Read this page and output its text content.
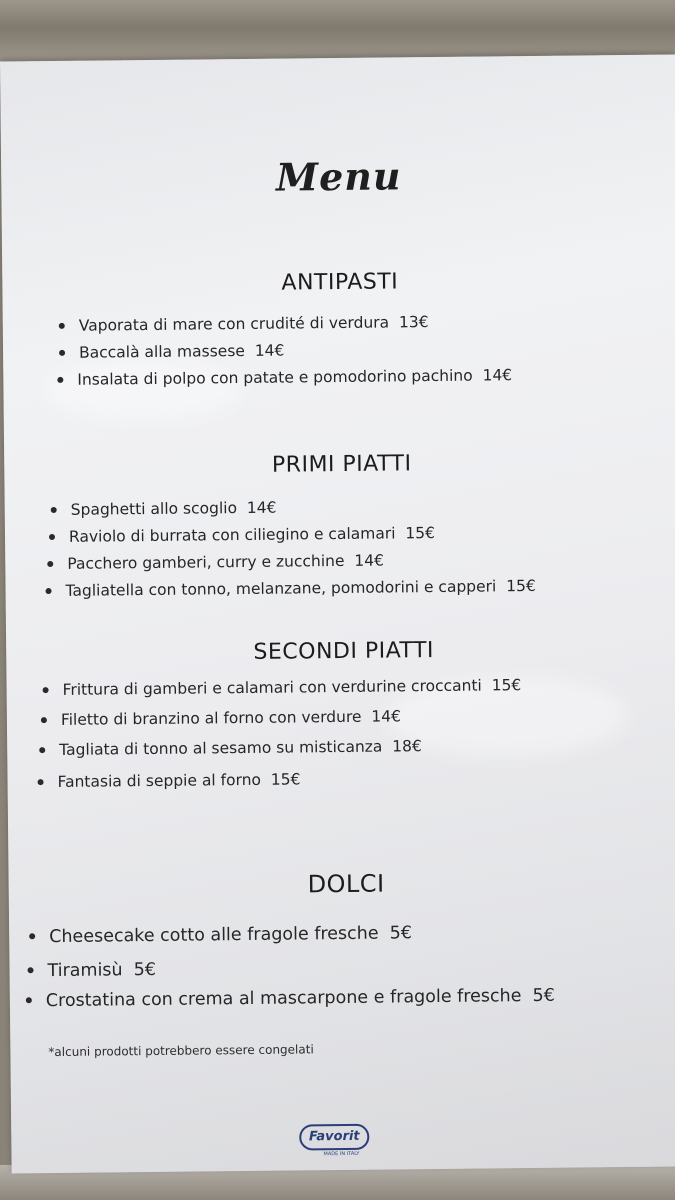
Menu
ANTIPASTI
Vaporata di mare con crudité di verdura 13€
Baccalà alla massese 14€
Insalata di polpo con patate e pomodorino pachino 14€
PRIMI PIATTI
Spaghetti allo scoglio 14€
Raviolo di burrata con ciliegino e calamari 15€
Pacchero gamberi, curry e zucchine 14€
Tagliatella con tonno, melanzane, pomodorini e capperi 15€
SECONDI PIATTI
Frittura di gamberi e calamari con verdurine croccanti 15€
Filetto di branzino al forno con verdure 14€
Tagliata di tonno al sesamo su misticanza 18€
Fantasia di seppie al forno 15€
DOLCI
Cheesecake cotto alle fragole fresche 5€
Tiramisù 5€
Crostatina con crema al mascarpone e fragole fresche 5€
*alcuni prodotti potrebbero essere congelati
Favorit
MADE IN ITALY
